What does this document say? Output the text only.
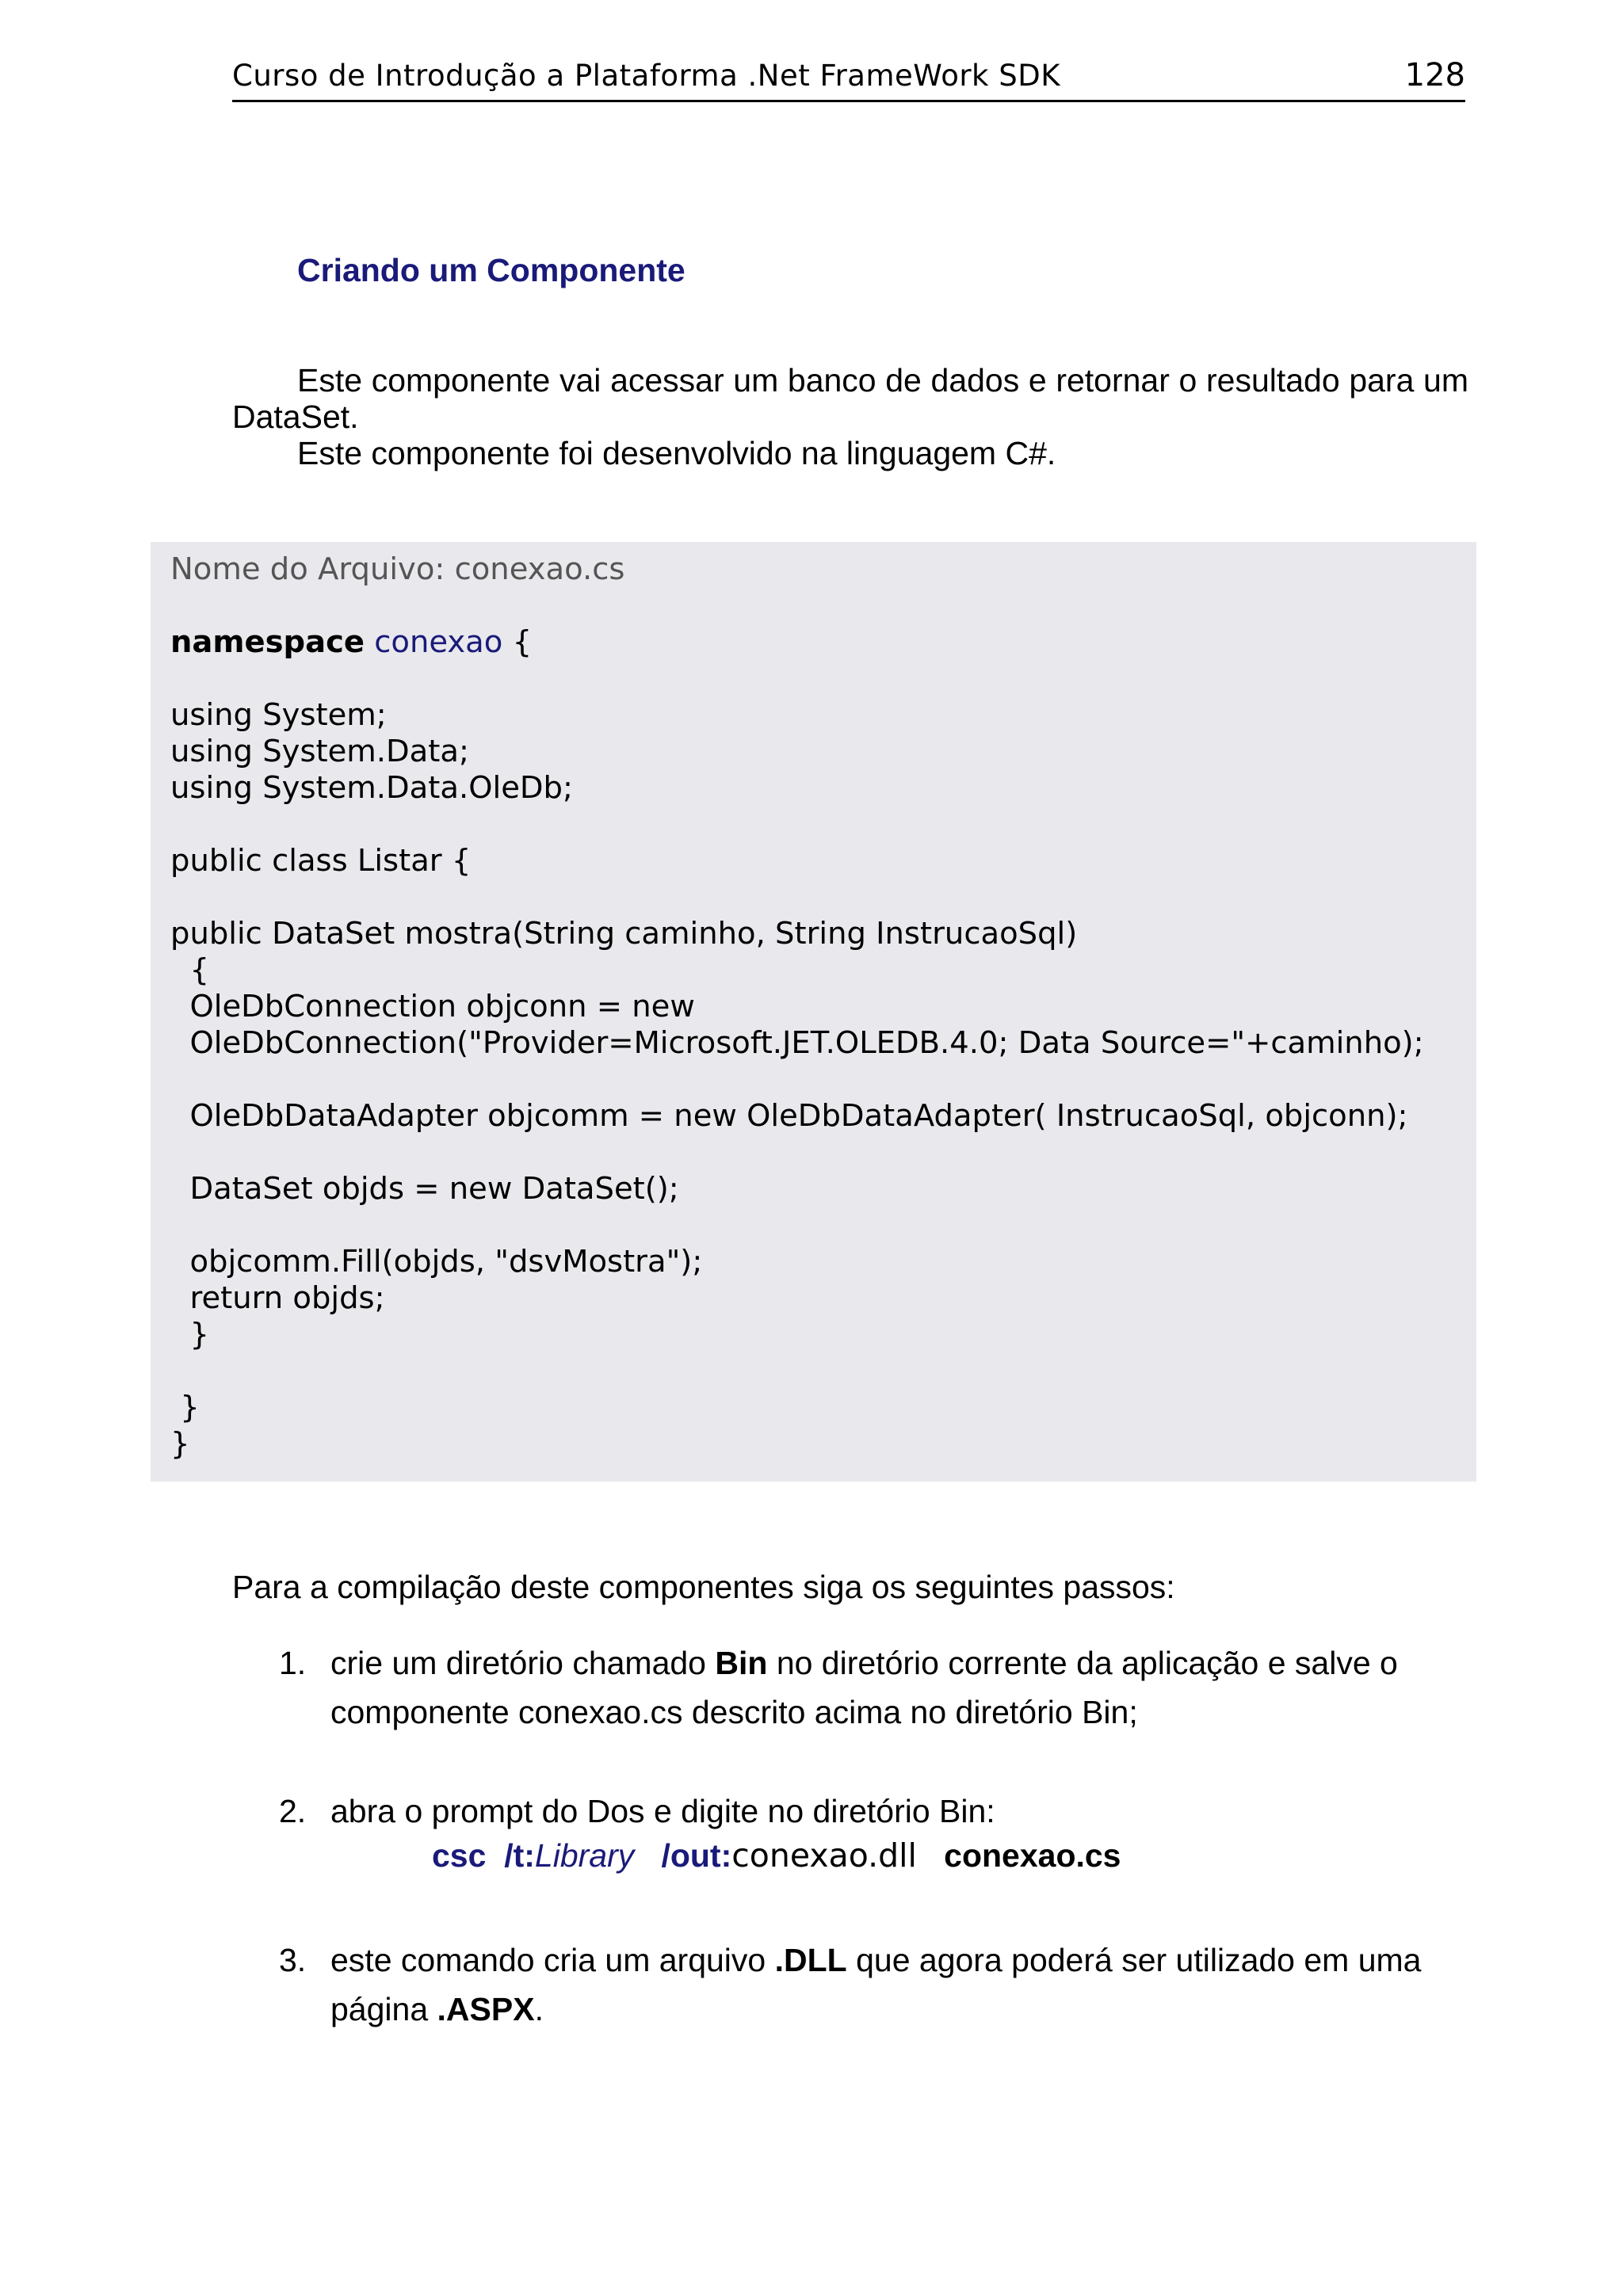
Curso de Introdução a Plataforma .Net FrameWork SDK	128
Criando um Componente

Este componente vai acessar um banco de dados e retornar o resultado para um DataSet.

Este componente foi desenvolvido na linguagem C#.

Nome do Arquivo: conexao.cs

namespace conexao {

using System;
using System.Data;
using System.Data.OleDb;

public class Listar {

public DataSet mostra(String caminho, String InstrucaoSql)
{
OleDbConnection objconn = new
OleDbConnection("Provider=Microsoft.JET.OLEDB.4.0; Data Source="+caminho);

OleDbDataAdapter objcomm = new OleDbDataAdapter( InstrucaoSql, objconn);

DataSet objds = new DataSet();

objcomm.Fill(objds, "dsvMostra");
return objds;
}

}
}
Para a compilação deste componentes siga os seguintes passos:
1. crie um diretório chamado Bin no diretório corrente da aplicação e salve o componente conexao.cs descrito acima no diretório Bin;
2. abra o prompt do Dos e digite no diretório Bin:
csc /t:Library /out:conexao.dll conexao.cs
3. este comando cria um arquivo .DLL que agora poderá ser utilizado em uma página .ASPX.
